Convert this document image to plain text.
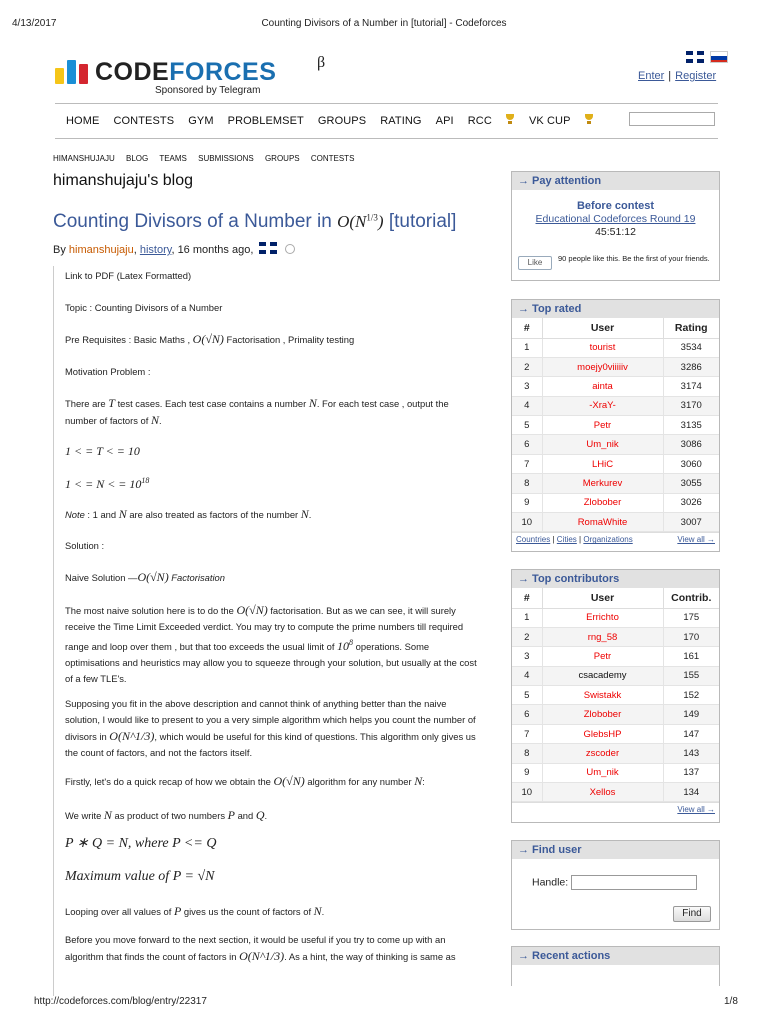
4/13/2017	Counting Divisors of a Number in [tutorial] - Codeforces
CODEFORCES	β
Sponsored by Telegram

Enter | Register
HOME CONTESTS GYM PROBLEMSET GROUPS RATING API RCC	VK CUP
HIMANSHUJAJU BLOG TEAMS SUBMISSIONS GROUPS CONTESTS
himanshujaju's blog
Counting Divisors of a Number in $O(N^{1/3})$ [tutorial]
By himanshujaju, history, 16 months ago,
Link to PDF (Latex Formatted)
Topic : Counting Divisors of a Number
Pre Requisites : Basic Maths , O(√N) Factorisation , Primality testing
Motivation Problem :
There are T test cases. Each test case contains a number N. For each test case , output the number of factors of N.
1 < = T < = 10
1 < = N < = $10^{18}$
Note : 1 and N are also treated as factors of the number N.
Solution :
Naive Solution —O(√N) Factorisation
The most naive solution here is to do the O(√N) factorisation. But as we can see, it will surely receive the Time Limit Exceeded verdict. You may try to compute the prime numbers till required range and loop over them , but that too exceeds the usual limit of $10^8$ operations. Some optimisations and heuristics may allow you to squeeze through your solution, but usually at the cost of a few TLE's.
Supposing you fit in the above description and cannot think of anything better than the naive solution, I would like to present to you a very simple algorithm which helps you count the number of divisors in O(N^1/3), which would be useful for this kind of questions. This algorithm only gives us the count of factors, and not the factors itself.
Firstly, let's do a quick recap of how we obtain the O(√N) algorithm for any number N:
We write N as product of two numbers P and Q.
P ∗ Q = N, where P <= Q
Maximum value of P = √N
Looping over all values of P gives us the count of factors of N.
Before you move forward to the next section, it would be useful if you try to come up with an algorithm that finds the count of factors in O(N^1/3). As a hint, the way of thinking is same as
→ Pay attention
Before contest
Educational Codeforces Round 19
45:51:12
Like	90 people like this. Be the first of your friends.
→ Top rated
#	User	Rating
1	tourist	3534
2	moejy0viiiiiv	3286
3	ainta	3174
4	-XraY-	3170
5	Petr	3135
6	Um_nik	3086
7	LHiC	3060
8	Merkurev	3055
9	Zlobober	3026
10	RomaWhite	3007
Countries | Cities | Organizations	View all →
→ Top contributors
#	User	Contrib.
1	Errichto	175
2	rng_58	170
3	Petr	161
4	csacademy	155
5	Swistakk	152
6	Zlobober	149
7	GlebsHP	147
8	zscoder	143
9	Um_nik	137
10	Xellos	134
View all →
→ Find user
Handle:
Find
→ Recent actions
http://codeforces.com/blog/entry/22317	1/8
